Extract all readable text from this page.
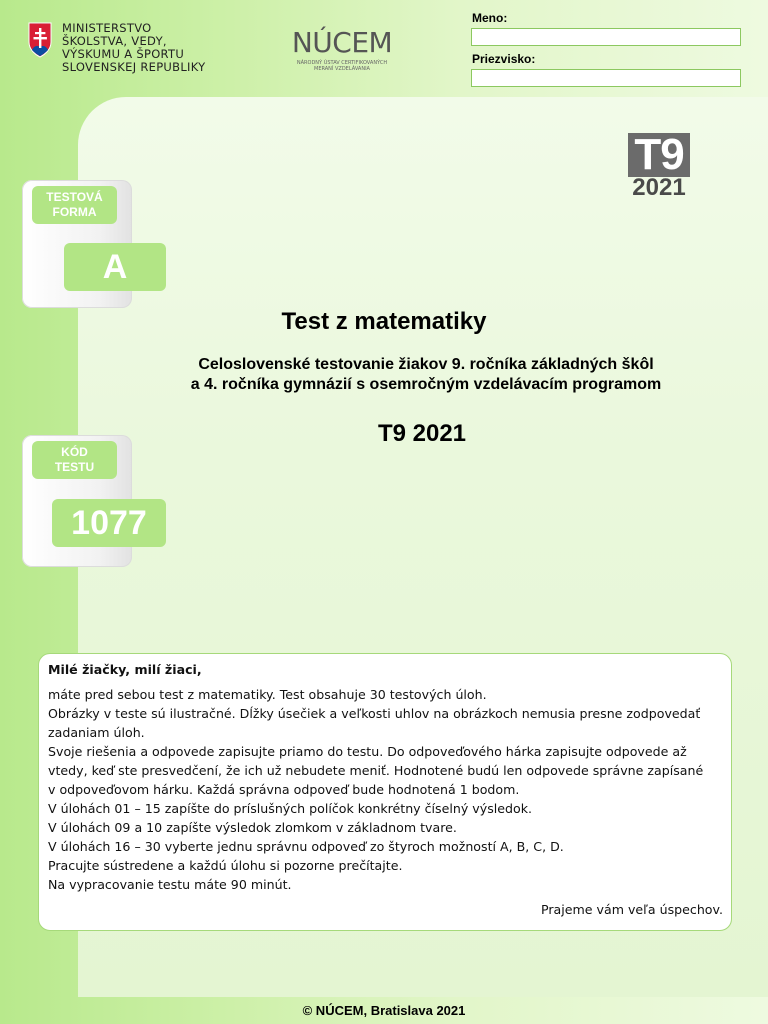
MINISTERSTVO
ŠKOLSTVA, VEDY,
VÝSKUMU A ŠPORTU
SLOVENSKEJ REPUBLIKY
NÚCEM
NÁRODNÝ ÚSTAV CERTIFIKOVANÝCH
MERANÍ VZDELÁVANIA
Meno:
Priezvisko:
T9
2021
TESTOVÁ
FORMA
A
KÓD
TESTU
1077
Test z matematiky
Celoslovenské testovanie žiakov 9. ročníka základných škôl
a 4. ročníka gymnázií s osemročným vzdelávacím programom
T9 2021
Milé žiačky, milí žiaci,
máte pred sebou test z matematiky. Test obsahuje 30 testových úloh.
Obrázky v teste sú ilustračné. Dĺžky úsečiek a veľkosti uhlov na obrázkoch nemusia presne zodpovedať
zadaniam úloh.
Svoje riešenia a odpovede zapisujte priamo do testu. Do odpoveďového hárka zapisujte odpovede až
vtedy, keď ste presvedčení, že ich už nebudete meniť. Hodnotené budú len odpovede správne zapísané
v odpoveďovom hárku. Každá správna odpoveď bude hodnotená 1 bodom.
V úlohách 01 – 15 zapíšte do príslušných políčok konkrétny číselný výsledok.
V úlohách 09 a 10 zapíšte výsledok zlomkom v základnom tvare.
V úlohách 16 – 30 vyberte jednu správnu odpoveď zo štyroch možností A, B, C, D.
Pracujte sústredene a každú úlohu si pozorne prečítajte.
Na vypracovanie testu máte 90 minút.
Prajeme vám veľa úspechov.
© NÚCEM, Bratislava 2021
